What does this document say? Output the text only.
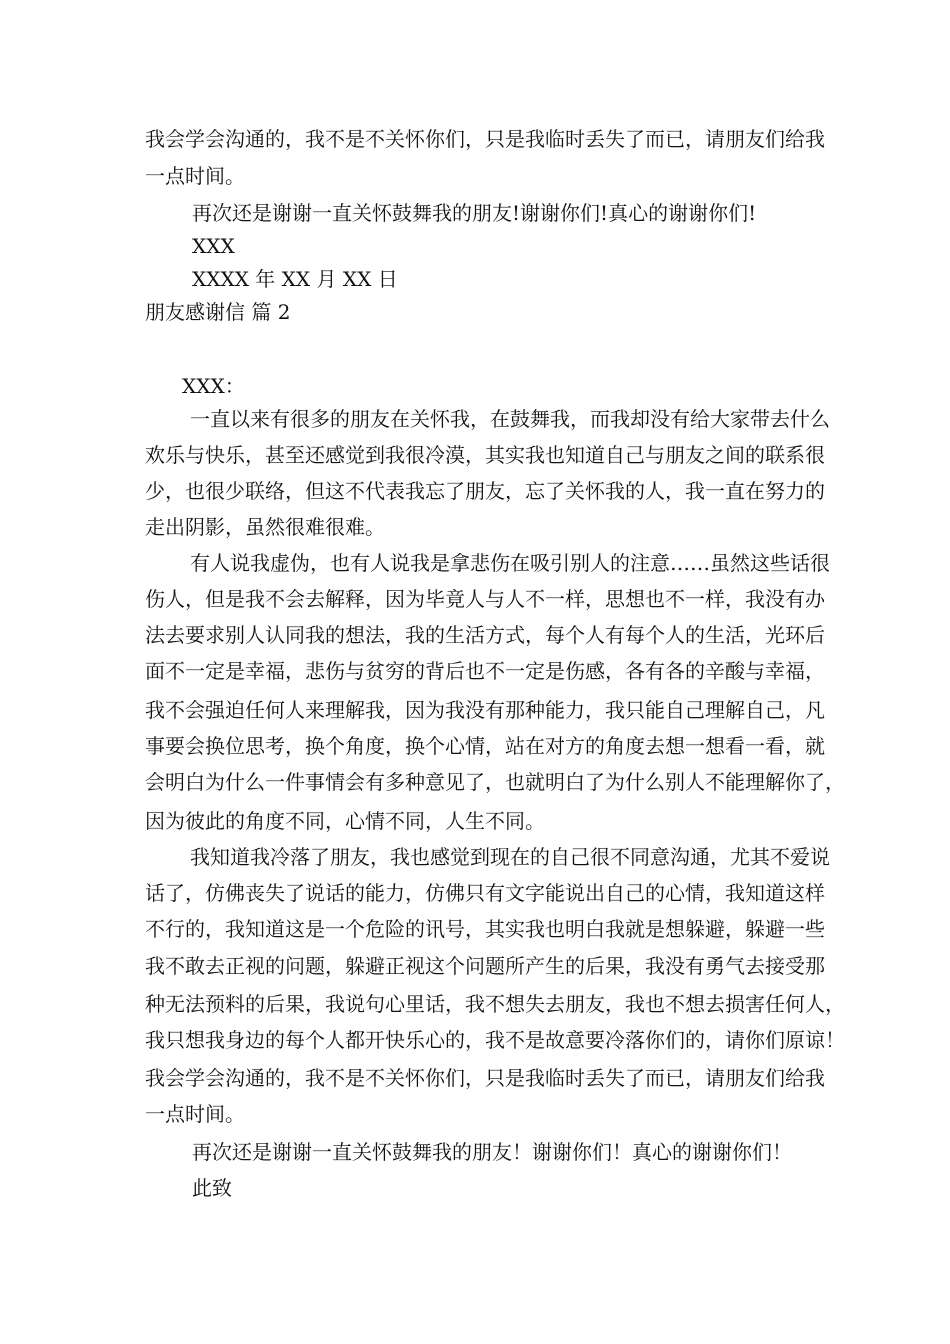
我会学会沟通的，我不是不关怀你们，只是我临时丢失了而已，请朋友们给我

一点时间。

再次还是谢谢一直关怀鼓舞我的朋友!谢谢你们!真心的谢谢你们!

XXX

XXXX 年 XX 月 XX 日

朋友感谢信 篇 2

XXX：

一直以来有很多的朋友在关怀我，在鼓舞我，而我却没有给大家带去什么

欢乐与快乐，甚至还感觉到我很冷漠，其实我也知道自己与朋友之间的联系很

少，也很少联络，但这不代表我忘了朋友，忘了关怀我的人，我一直在努力的

走出阴影，虽然很难很难。

有人说我虚伪，也有人说我是拿悲伤在吸引别人的注意……虽然这些话很

伤人，但是我不会去解释，因为毕竟人与人不一样，思想也不一样，我没有办

法去要求别人认同我的想法，我的生活方式，每个人有每个人的生活，光环后

面不一定是幸福，悲伤与贫穷的背后也不一定是伤感，各有各的辛酸与幸福，

我不会强迫任何人来理解我，因为我没有那种能力，我只能自己理解自己，凡

事要会换位思考，换个角度，换个心情，站在对方的角度去想一想看一看，就

会明白为什么一件事情会有多种意见了，也就明白了为什么别人不能理解你了，

因为彼此的角度不同，心情不同，人生不同。

我知道我冷落了朋友，我也感觉到现在的自己很不同意沟通，尤其不爱说

话了，仿佛丧失了说话的能力，仿佛只有文字能说出自己的心情，我知道这样

不行的，我知道这是一个危险的讯号，其实我也明白我就是想躲避，躲避一些

我不敢去正视的问题，躲避正视这个问题所产生的后果，我没有勇气去接受那

种无法预料的后果，我说句心里话，我不想失去朋友，我也不想去损害任何人，

我只想我身边的每个人都开快乐心的，我不是故意要冷落你们的，请你们原谅！

我会学会沟通的，我不是不关怀你们，只是我临时丢失了而已，请朋友们给我

一点时间。

再次还是谢谢一直关怀鼓舞我的朋友！谢谢你们！真心的谢谢你们！

此致
